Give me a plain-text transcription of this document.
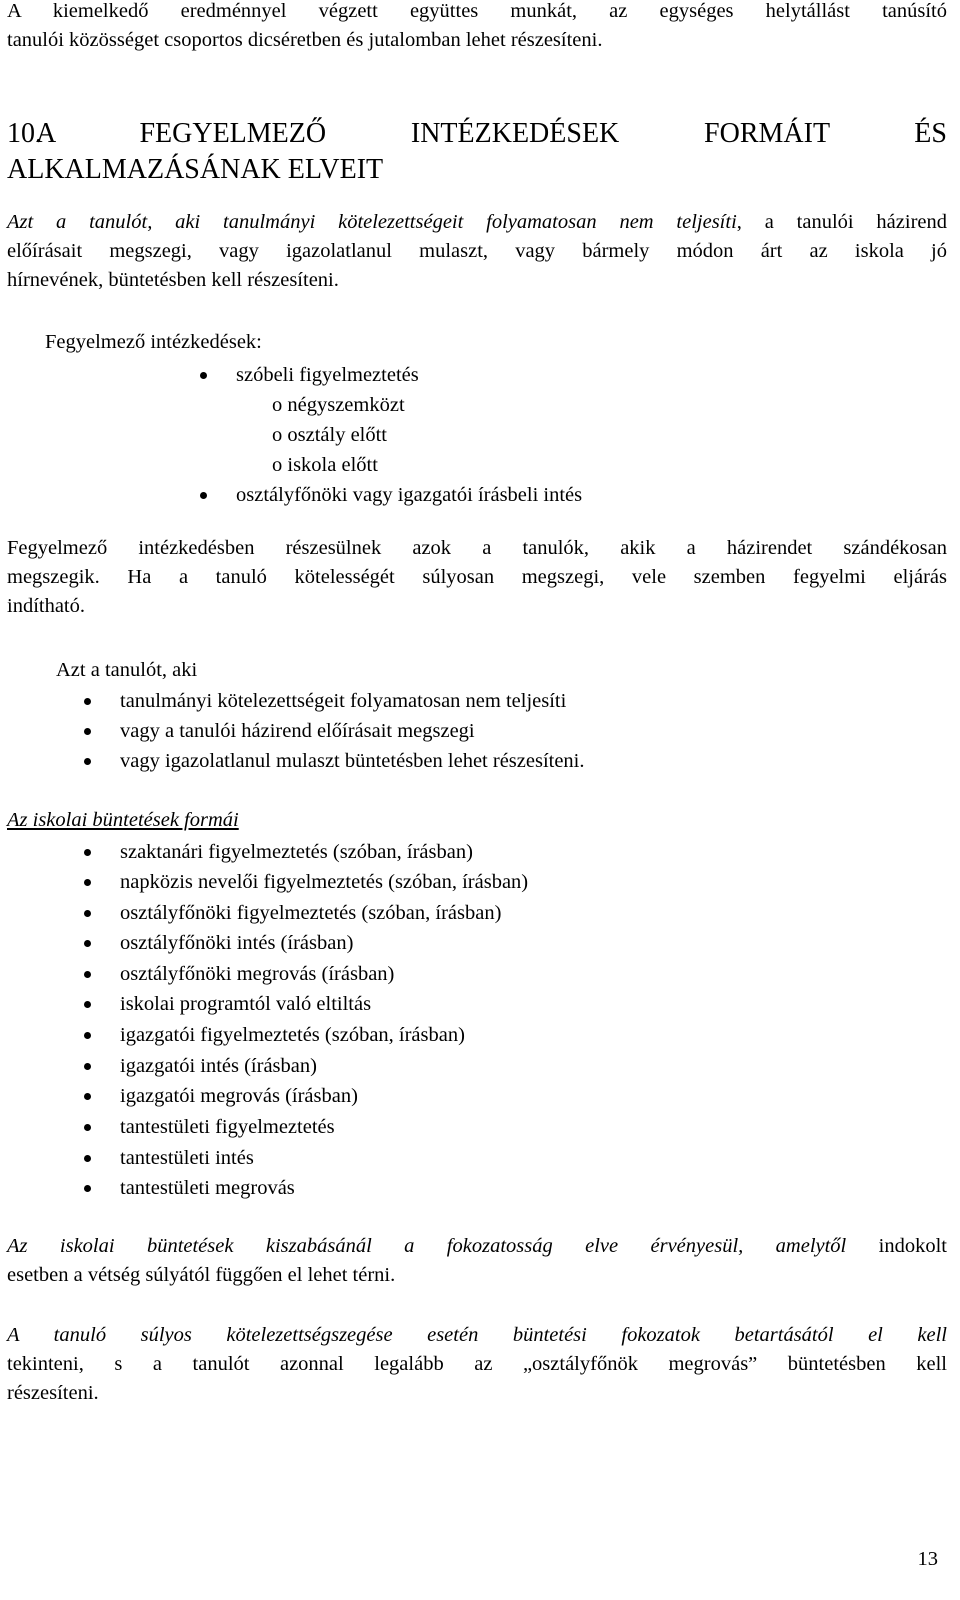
A kiemelkedő eredménnyel végzett együttes munkát, az egységes helytállást tanúsító
tanulói közösséget csoportos dicséretben és jutalomban lehet részesíteni.
10.
A FEGYELMEZŐ INTÉZKEDÉSEK FORMÁIT ÉS
ALKALMAZÁSÁNAK ELVEIT
Azt a tanulót, aki tanulmányi kötelezettségeit folyamatosan nem teljesíti, a tanulói házirend
előírásait megszegi, vagy igazolatlanul mulaszt, vagy bármely módon árt az iskola jó
hírnevének, büntetésben kell részesíteni.
Fegyelmező intézkedések:
szóbeli figyelmeztetés
o négyszemközt
o osztály előtt
o iskola előtt
osztályfőnöki vagy igazgatói írásbeli intés
Fegyelmező intézkedésben részesülnek azok a tanulók, akik a házirendet szándékosan
megszegik. Ha a tanuló kötelességét súlyosan megszegi, vele szemben fegyelmi eljárás
indítható.
Azt a tanulót, aki
tanulmányi kötelezettségeit folyamatosan nem teljesíti
vagy a tanulói házirend előírásait megszegi
vagy igazolatlanul mulaszt büntetésben lehet részesíteni.
Az iskolai büntetések formái
szaktanári figyelmeztetés (szóban, írásban)
napközis nevelői figyelmeztetés (szóban, írásban)
osztályfőnöki figyelmeztetés (szóban, írásban)
osztályfőnöki intés (írásban)
osztályfőnöki megrovás (írásban)
iskolai programtól való eltiltás
igazgatói figyelmeztetés (szóban, írásban)
igazgatói intés (írásban)
igazgatói megrovás (írásban)
tantestületi figyelmeztetés
tantestületi intés
tantestületi megrovás
Az iskolai büntetések kiszabásánál a fokozatosság elve érvényesül, amelytől indokolt
esetben a vétség súlyától függően el lehet térni.
A tanuló súlyos kötelezettségszegése esetén büntetési fokozatok betartásától el kell
tekinteni, s a tanulót azonnal legalább az „osztályfőnök megrovás” büntetésben kell
részesíteni.
13
